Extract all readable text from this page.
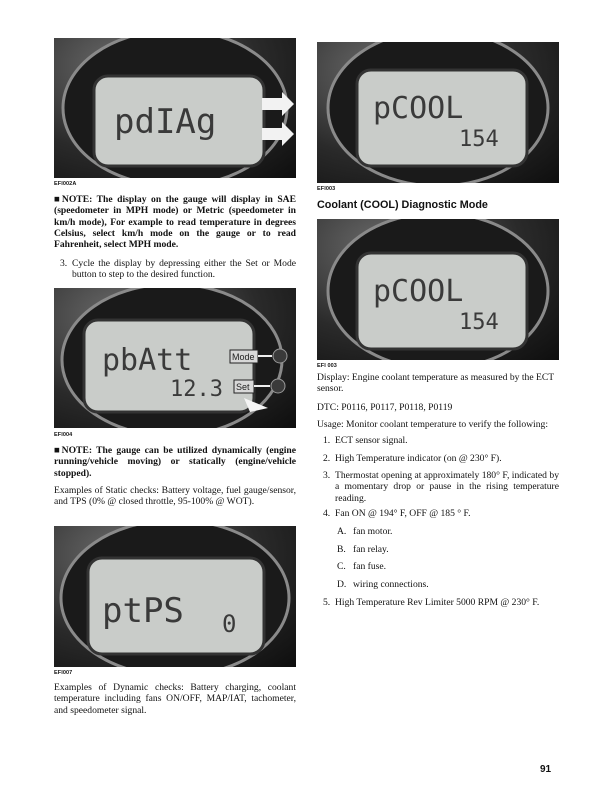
pdIAg
EFI002A
■NOTE: The display on the gauge will display in SAE (speedometer in MPH mode) or Metric (speedometer in km/h mode), For example to read temperature in degrees Celsius, select km/h mode on the gauge or to read Fahrenheit, select MPH mode.
3. Cycle the display by depressing either the Set or Mode button to step to the desired function.
pbAtt
12.3
Mode
Set
EFI004
■NOTE: The gauge can be utilized dynamically (engine running/vehicle moving) or statically (engine/vehicle stopped).
Examples of Static checks: Battery voltage, fuel gauge/sensor, and TPS (0% @ closed throttle, 95-100% @ WOT).
ptPS 0
EFI007
Examples of Dynamic checks: Battery charging, coolant temperature including fans ON/OFF, MAP/IAT, tachometer, and speedometer signal.
pCOOL
154
EFI003
Coolant (COOL) Diagnostic Mode
pCOOL
154
EFI 003
Display: Engine coolant temperature as measured by the ECT sensor.
DTC: P0116, P0117, P0118, P0119
Usage: Monitor coolant temperature to verify the following:
1. ECT sensor signal.
2. High Temperature indicator (on @ 230° F).
3. Thermostat opening at approximately 180° F, indicated by a momentary drop or pause in the rising temperature reading.
4. Fan ON @ 194° F, OFF @ 185 ° F.
A. fan motor.
B. fan relay.
C. fan fuse.
D. wiring connections.
5. High Temperature Rev Limiter 5000 RPM @ 230° F.
91
